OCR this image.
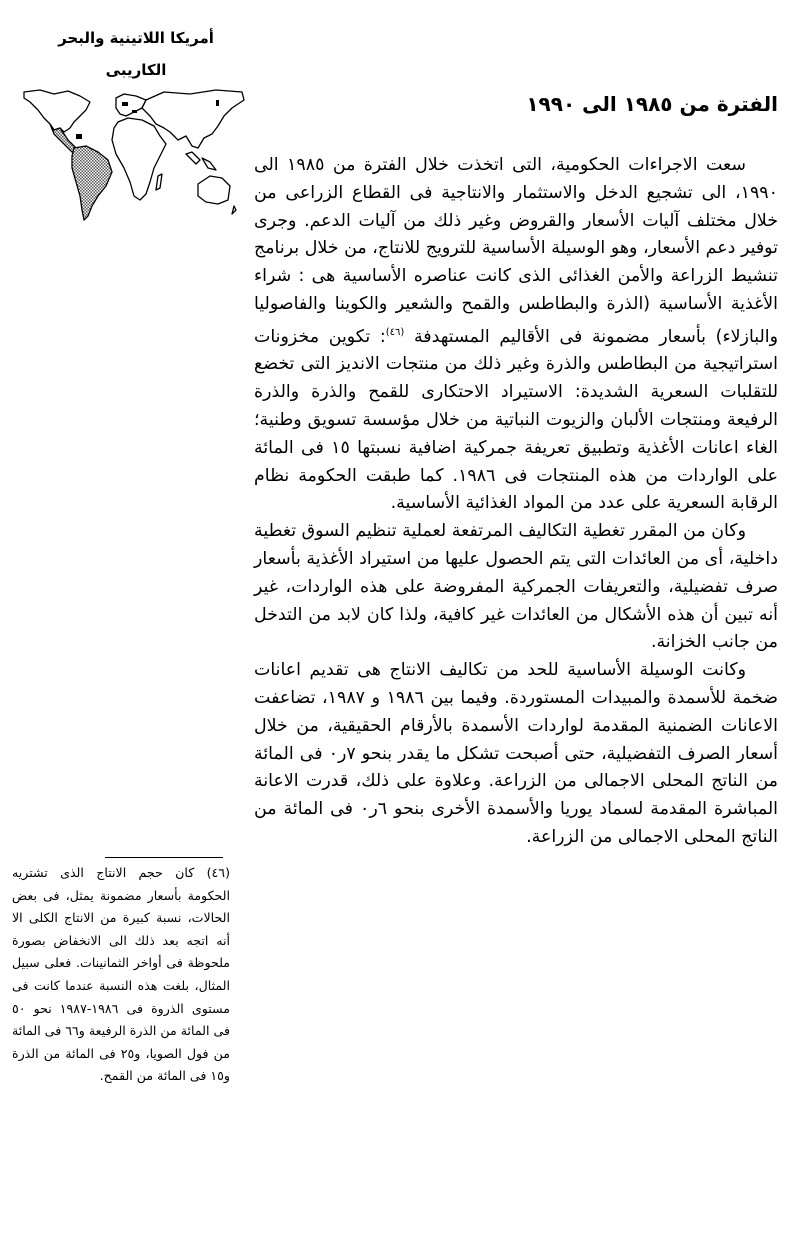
أمريكا اللاتينية والبحر

الكاريبى

(٤٦) كان حجم الانتاج الذى تشتريه الحكومة بأسعار مضمونة يمثل، فى بعض الحالات، نسبة كبيرة من الانتاج الكلى الا أنه اتجه بعد ذلك الى الانخفاض بصورة ملحوظة فى أواخر الثمانينات. فعلى سبيل المثال، بلغت هذه النسبة عندما كانت فى مستوى الذروة فى ١٩٨٦-١٩٨٧ نحو ٥٠ فى المائة من الذرة الرفيعة و٦٦ فى المائة من فول الصويا، و٢٥ فى المائة من الذرة و١٥ فى المائة من القمح.
الفترة من ١٩٨٥ الى ١٩٩٠

سعت الاجراءات الحكومية، التى اتخذت خلال الفترة من ١٩٨٥ الى ١٩٩٠، الى تشجيع الدخل والاستثمار والانتاجية فى القطاع الزراعى من خلال مختلف آليات الأسعار والقروض وغير ذلك من آليات الدعم. وجرى توفير دعم الأسعار، وهو الوسيلة الأساسية للترويج للانتاج، من خلال برنامج تنشيط الزراعة والأمن الغذائى الذى كانت عناصره الأساسية هى : شراء الأغذية الأساسية (الذرة والبطاطس والقمح والشعير والكوينا والفاصوليا والبازلاء) بأسعار مضمونة فى الأقاليم المستهدفة $^{(٤٦)}$: تكوين مخزونات استراتيجية من البطاطس والذرة وغير ذلك من منتجات الانديز التى تخضع للتقلبات السعرية الشديدة: الاستيراد الاحتكارى للقمح والذرة والذرة الرفيعة ومنتجات الألبان والزيوت النباتية من خلال مؤسسة تسويق وطنية؛ الغاء اعانات الأغذية وتطبيق تعريفة جمركية اضافية نسبتها ١٥ فى المائة على الواردات من هذه المنتجات فى ١٩٨٦. كما طبقت الحكومة نظام الرقابة السعرية على عدد من المواد الغذائية الأساسية.

وكان من المقرر تغطية التكاليف المرتفعة لعملية تنظيم السوق تغطية داخلية، أى من العائدات التى يتم الحصول عليها من استيراد الأغذية بأسعار صرف تفضيلية، والتعريفات الجمركية المفروضة على هذه الواردات، غير أنه تبين أن هذه الأشكال من العائدات غير كافية، ولذا كان لابد من التدخل من جانب الخزانة.

وكانت الوسيلة الأساسية للحد من تكاليف الانتاج هى تقديم اعانات ضخمة للأسمدة والمبيدات المستوردة. وفيما بين ١٩٨٦ و ١٩٨٧، تضاعفت الاعانات الضمنية المقدمة لواردات الأسمدة بالأرقام الحقيقية، من خلال أسعار الصرف التفضيلية، حتى أصبحت تشكل ما يقدر بنحو ٧ر٠ فى المائة من الناتج المحلى الاجمالى من الزراعة. وعلاوة على ذلك، قدرت الاعانة المباشرة المقدمة لسماد يوريا والأسمدة الأخرى بنحو ٦ر٠ فى المائة من الناتج المحلى الاجمالى من الزراعة.
